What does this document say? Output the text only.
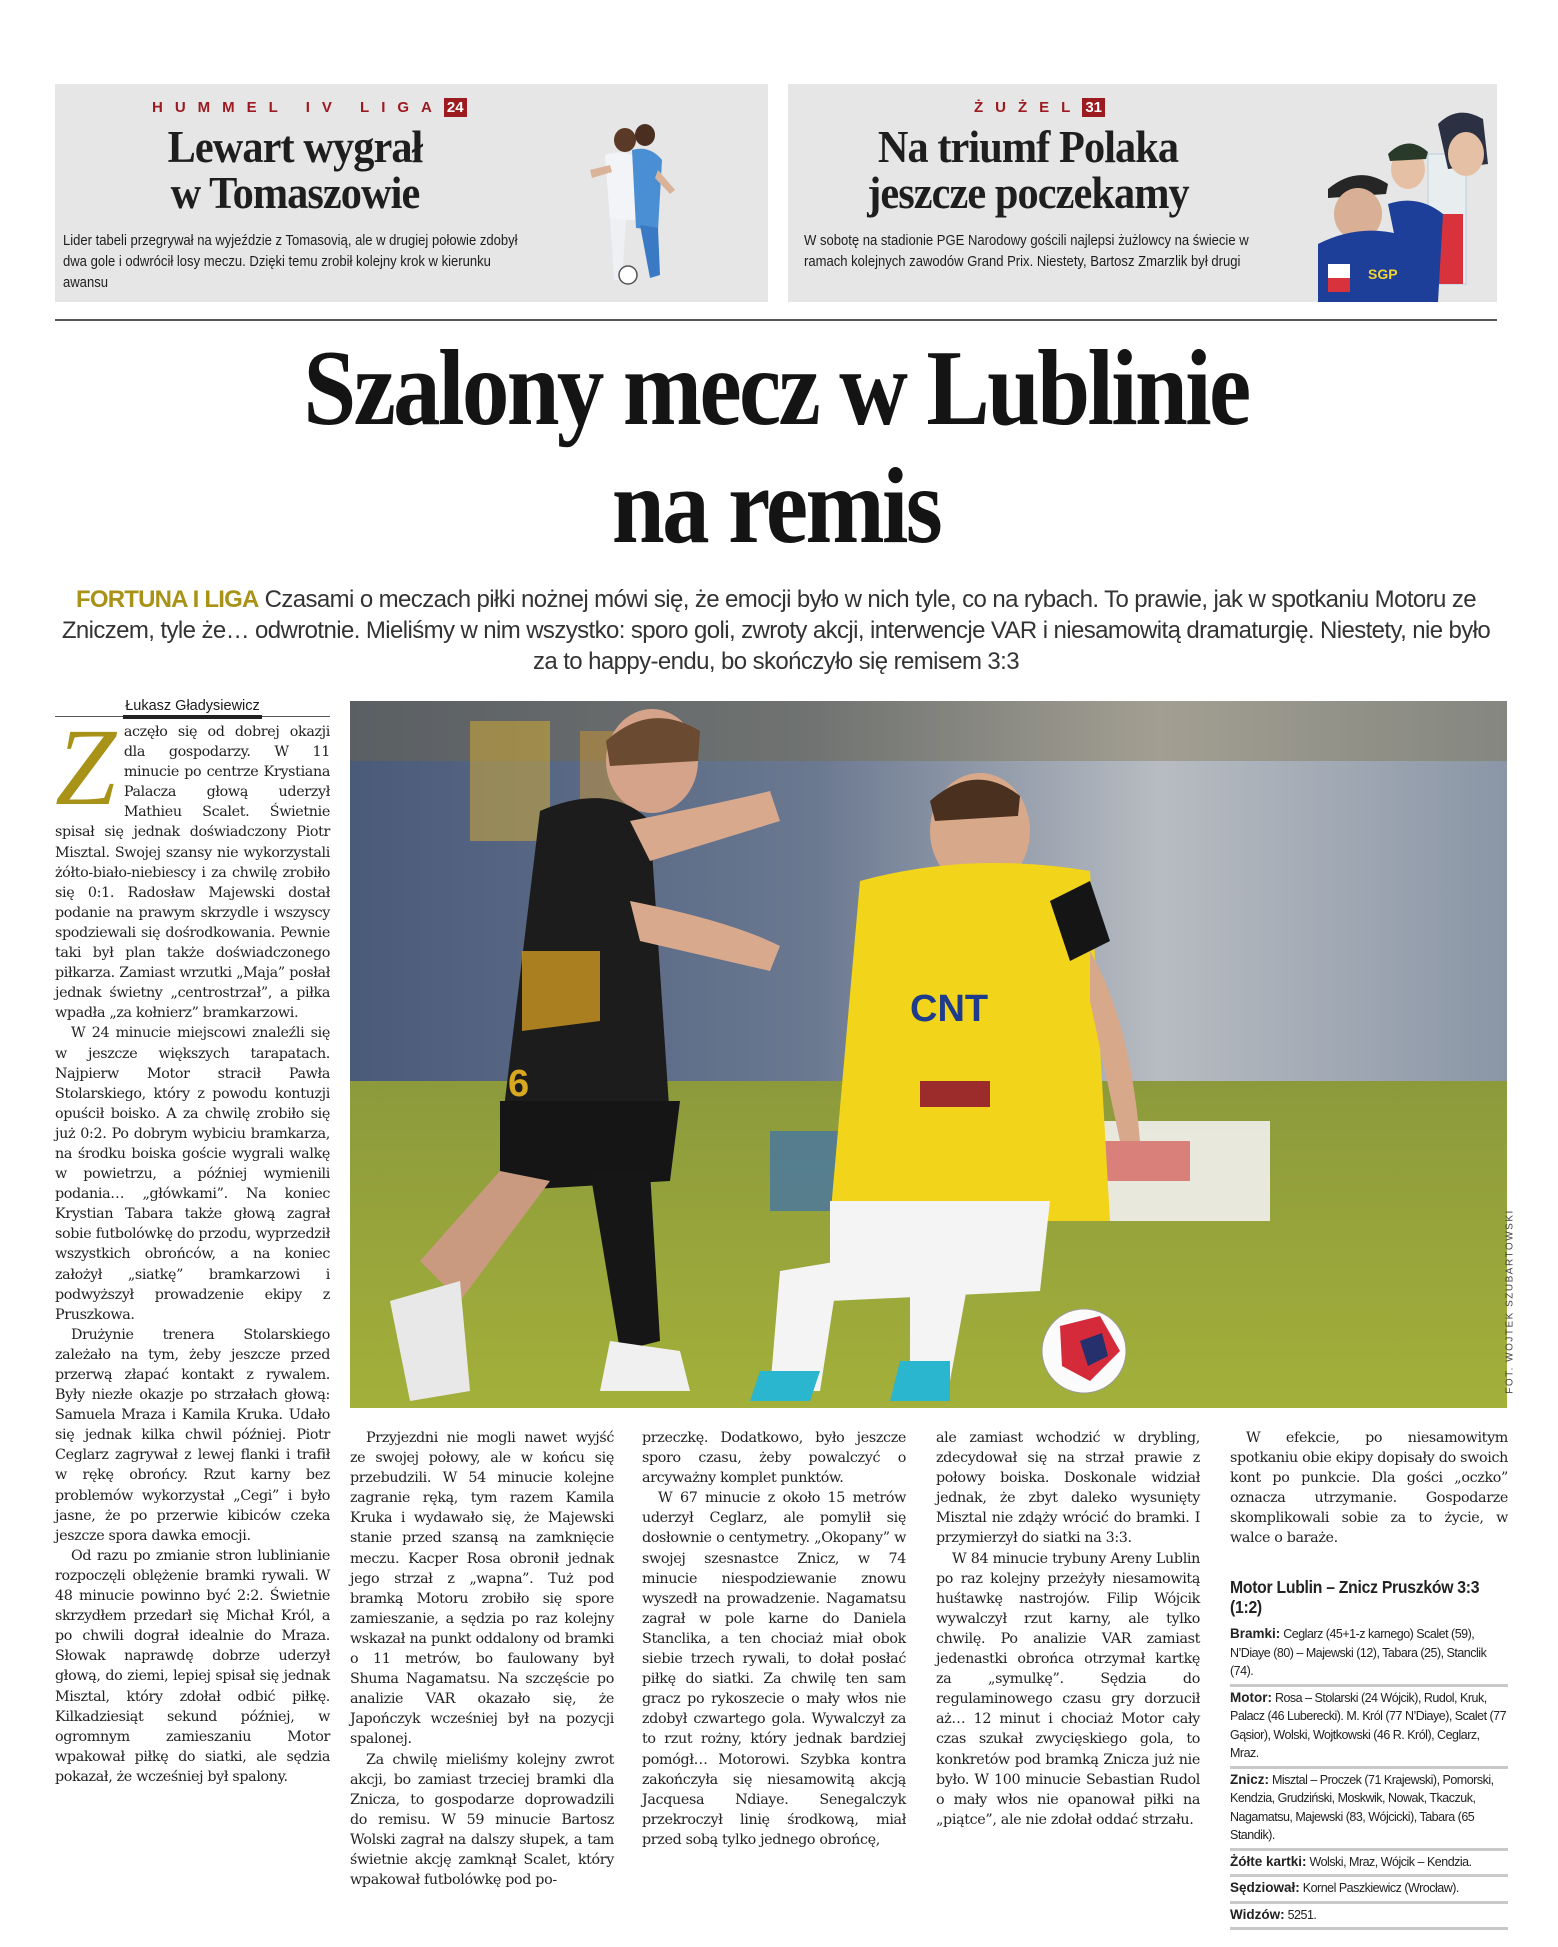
HUMMEL IV LIGA 24
Lewart wygrał
w Tomaszowie

Lider tabeli przegrywał na wyjeździe z Tomasovią, ale w drugiej połowie zdobył dwa gole i odwrócił losy meczu. Dzięki temu zrobił kolejny krok w kierunku awansu

ŻUŻEL 31
Na triumf Polaka
jeszcze poczekamy

W sobotę na stadionie PGE Narodowy gościli najlepsi żużlowcy na świecie w ramach kolejnych zawodów Grand Prix. Niestety, Bartosz Zmarzlik był drugi

SGP
Szalony mecz w Lublinie
na remis
FORTUNA I LIGA Czasami o meczach piłki nożnej mówi się, że emocji było w nich tyle, co na rybach. To prawie, jak w spotkaniu Motoru ze Zniczem, tyle że… odwrotnie. Mieliśmy w nim wszystko: sporo goli, zwroty akcji, interwencje VAR i niesamowitą dramaturgię. Niestety, nie było za to happy-endu, bo skończyło się remisem 3:3
Łukasz Gładysiewicz

Zaczęło się od dobrej okazji dla gospodarzy. W 11 minucie po centrze Krystiana Palacza głową uderzył Mathieu Scalet. Świetnie spisał się jednak doświadczony Piotr Misztal. Swojej szansy nie wykorzystali żółto-biało-niebiescy i za chwilę zrobiło się 0:1. Radosław Majewski dostał podanie na prawym skrzydle i wszyscy spodziewali się dośrodkowania. Pewnie taki był plan także doświadczonego piłkarza. Zamiast wrzutki „Maja” posłał jednak świetny „centrostrzał”, a piłka wpadła „za kołnierz” bramkarzowi.

W 24 minucie miejscowi znaleźli się w jeszcze większych tarapatach. Najpierw Motor stracił Pawła Stolarskiego, który z powodu kontuzji opuścił boisko. A za chwilę zrobiło się już 0:2. Po dobrym wybiciu bramkarza, na środku boiska goście wygrali walkę w powietrzu, a później wymienili podania… „główkami”. Na koniec Krystian Tabara także głową zagrał sobie futbolówkę do przodu, wyprzedził wszystkich obrońców, a na koniec założył „siatkę” bramkarzowi i podwyższył prowadzenie ekipy z Pruszkowa.

Drużynie trenera Stolarskiego zależało na tym, żeby jeszcze przed przerwą złapać kontakt z rywalem. Były niezłe okazje po strzałach głową: Samuela Mraza i Kamila Kruka. Udało się jednak kilka chwil później. Piotr Ceglarz zagrywał z lewej flanki i trafił w rękę obrońcy. Rzut karny bez problemów wykorzystał „Cegi” i było jasne, że po przerwie kibiców czeka jeszcze spora dawka emocji.

Od razu po zmianie stron lublinianie rozpoczęli oblężenie bramki rywali. W 48 minucie powinno być 2:2. Świetnie skrzydłem przedarł się Michał Król, a po chwili dograł idealnie do Mraza. Słowak naprawdę dobrze uderzył głową, do ziemi, lepiej spisał się jednak Misztal, który zdołał odbić piłkę. Kilkadziesiąt sekund później, w ogromnym zamieszaniu Motor wpakował piłkę do siatki, ale sędzia pokazał, że wcześniej był spalony.

6
CNT
FOT. WOJTEK SZUBARTOWSKI

Przyjezdni nie mogli nawet wyjść ze swojej połowy, ale w końcu się przebudzili. W 54 minucie kolejne zagranie ręką, tym razem Kamila Kruka i wydawało się, że Majewski stanie przed szansą na zamknięcie meczu. Kacper Rosa obronił jednak jego strzał z „wapna”. Tuż pod bramką Motoru zrobiło się spore zamieszanie, a sędzia po raz kolejny wskazał na punkt oddalony od bramki o 11 metrów, bo faulowany był Shuma Nagamatsu. Na szczęście po analizie VAR okazało się, że Japończyk wcześniej był na pozycji spalonej.

Za chwilę mieliśmy kolejny zwrot akcji, bo zamiast trzeciej bramki dla Znicza, to gospodarze doprowadzili do remisu. W 59 minucie Bartosz Wolski zagrał na dalszy słupek, a tam świetnie akcję zamknął Scalet, który wpakował futbolówkę pod po-

przeczkę. Dodatkowo, było jeszcze sporo czasu, żeby powalczyć o arcyważny komplet punktów.

W 67 minucie z około 15 metrów uderzył Ceglarz, ale pomylił się dosłownie o centymetry. „Okopany” w swojej szesnastce Znicz, w 74 minucie niespodziewanie znowu wyszedł na prowadzenie. Nagamatsu zagrał w pole karne do Daniela Stanclika, a ten chociaż miał obok siebie trzech rywali, to dołał posłać piłkę do siatki. Za chwilę ten sam gracz po rykoszecie o mały włos nie zdobył czwartego gola. Wywalczył za to rzut rożny, który jednak bardziej pomógł… Motorowi. Szybka kontra zakończyła się niesamowitą akcją Jacquesa Ndiaye. Senegalczyk przekroczył linię środkową, miał przed sobą tylko jednego obrońcę,

ale zamiast wchodzić w drybling, zdecydował się na strzał prawie z połowy boiska. Doskonale widział jednak, że zbyt daleko wysunięty Misztal nie zdąży wrócić do bramki. I przymierzył do siatki na 3:3.

W 84 minucie trybuny Areny Lublin po raz kolejny przeżyły niesamowitą huśtawkę nastrojów. Filip Wójcik wywalczył rzut karny, ale tylko chwilę. Po analizie VAR zamiast jedenastki obrońca otrzymał kartkę za „symulkę”. Sędzia do regulaminowego czasu gry dorzucił aż… 12 minut i chociaż Motor cały czas szukał zwycięskiego gola, to konkretów pod bramką Znicza już nie było. W 100 minucie Sebastian Rudol o mały włos nie opanował piłki na „piątce”, ale nie zdołał oddać strzału.

W efekcie, po niesamowitym spotkaniu obie ekipy dopisały do swoich kont po punkcie. Dla gości „oczko” oznacza utrzymanie. Gospodarze skomplikowali sobie za to życie, w walce o baraże.

Motor Lublin – Znicz Pruszków 3:3 (1:2)
Bramki: Ceglarz (45+1-z karnego) Scalet (59), N’Diaye (80) – Majewski (12), Tabara (25), Stanclik (74).
Motor: Rosa – Stolarski (24 Wójcik), Rudol, Kruk, Palacz (46 Luberecki). M. Król (77 N’Diaye), Scalet (77 Gąsior), Wolski, Wojtkowski (46 R. Król), Ceglarz, Mraz.
Znicz: Misztal – Proczek (71 Krajewski), Pomorski, Kendzia, Grudziński, Moskwik, Nowak, Tkaczuk, Nagamatsu, Majewski (83, Wójcicki), Tabara (65 Standik).
Żółte kartki: Wolski, Mraz, Wójcik – Kendzia.
Sędziował: Kornel Paszkiewicz (Wrocław).
Widzów: 5251.
